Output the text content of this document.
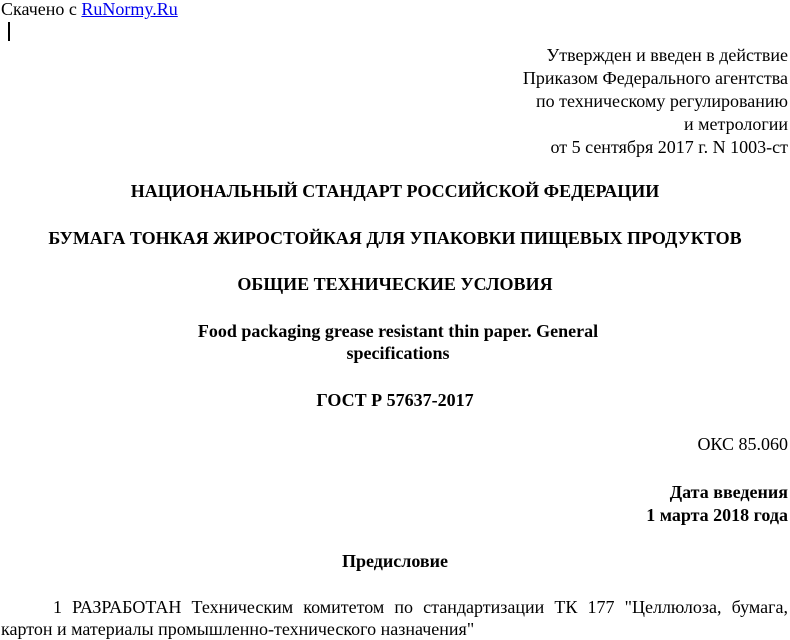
Скачено с RuNormy.Ru
Утвержден и введен в действие
Приказом Федерального агентства
по техническому регулированию
и метрологии
от 5 сентября 2017 г. N 1003-ст
НАЦИОНАЛЬНЫЙ СТАНДАРТ РОССИЙСКОЙ ФЕДЕРАЦИИ
БУМАГА ТОНКАЯ ЖИРОСТОЙКАЯ ДЛЯ УПАКОВКИ ПИЩЕВЫХ ПРОДУКТОВ
ОБЩИЕ ТЕХНИЧЕСКИЕ УСЛОВИЯ
Food packaging grease resistant thin paper. General
specifications
ГОСТ Р 57637-2017
ОКС 85.060
Дата введения
1 марта 2018 года
Предисловие
1 РАЗРАБОТАН Техническим комитетом по стандартизации ТК 177 "Целлюлоза, бумага, картон и материалы промышленно-технического назначения"
